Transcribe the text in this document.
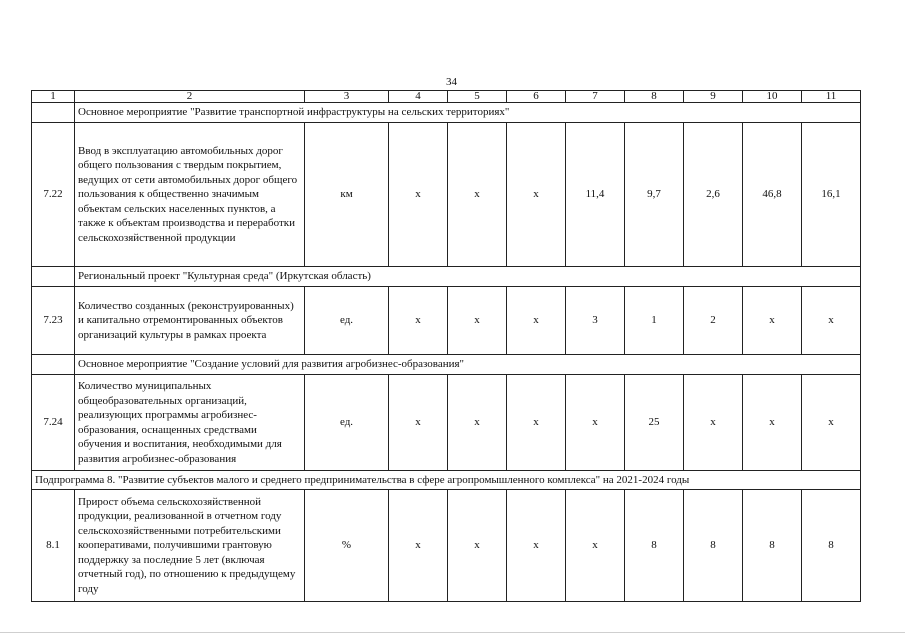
34
1	2	3	4	5	6	7	8	9	10	11
	Основное мероприятие "Развитие транспортной инфраструктуры на сельских территориях"									
7.22	Ввод в эксплуатацию автомобильных дорог общего пользования с твердым покрытием, ведущих от сети автомобильных дорог общего пользования к общественно значимым объектам сельских населенных пунктов, а также к объектам производства и переработки сельскохозяйственной продукции	км	х	х	х	11,4	9,7	2,6	46,8	16,1
	Региональный проект "Культурная среда" (Иркутская область)									
7.23	Количество созданных (реконструированных) и капитально отремонтированных объектов организаций культуры в рамках проекта	ед.	х	х	х	3	1	2	х	х
	Основное мероприятие "Создание условий для развития агробизнес-образования"									
7.24	Количество муниципальных общеобразовательных организаций, реализующих программы агробизнес-образования, оснащенных средствами обучения и воспитания, необходимыми для развития агробизнес-образования	ед.	х	х	х	х	25	х	х	х
Подпрограмма 8. "Развитие субъектов малого и среднего предпринимательства в сфере агропромышленного комплекса" на 2021-2024 годы										
8.1	Прирост объема сельскохозяйственной продукции, реализованной в отчетном году сельскохозяйственными потребительскими кооперативами, получившими грантовую поддержку за последние 5 лет (включая отчетный год), по отношению к предыдущему году	%	х	х	х	х	8	8	8	8
